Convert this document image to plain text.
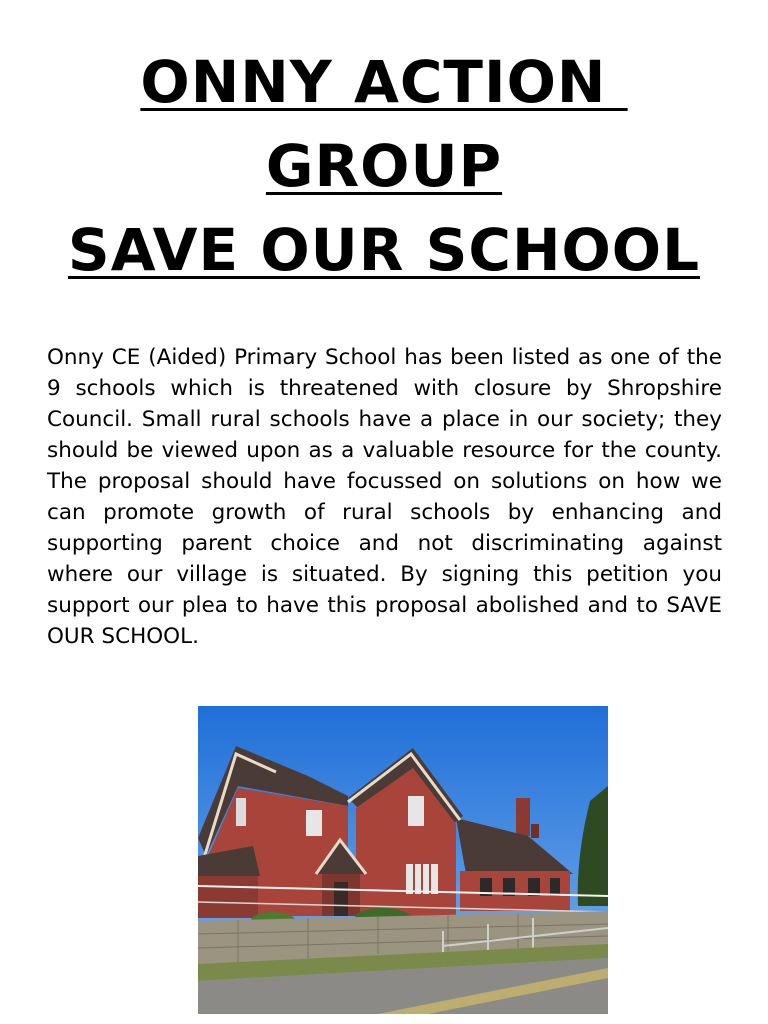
ONNY ACTION
GROUP
SAVE OUR SCHOOL

Onny CE (Aided) Primary School has been listed as one of the 9 schools which is threatened with closure by Shropshire Council. Small rural schools have a place in our society; they should be viewed upon as a valuable resource for the county. The proposal should have focussed on solutions on how we can promote growth of rural schools by enhancing and supporting parent choice and not discriminating against where our village is situated. By signing this petition you support our plea to have this proposal abolished and to SAVE OUR SCHOOL.
